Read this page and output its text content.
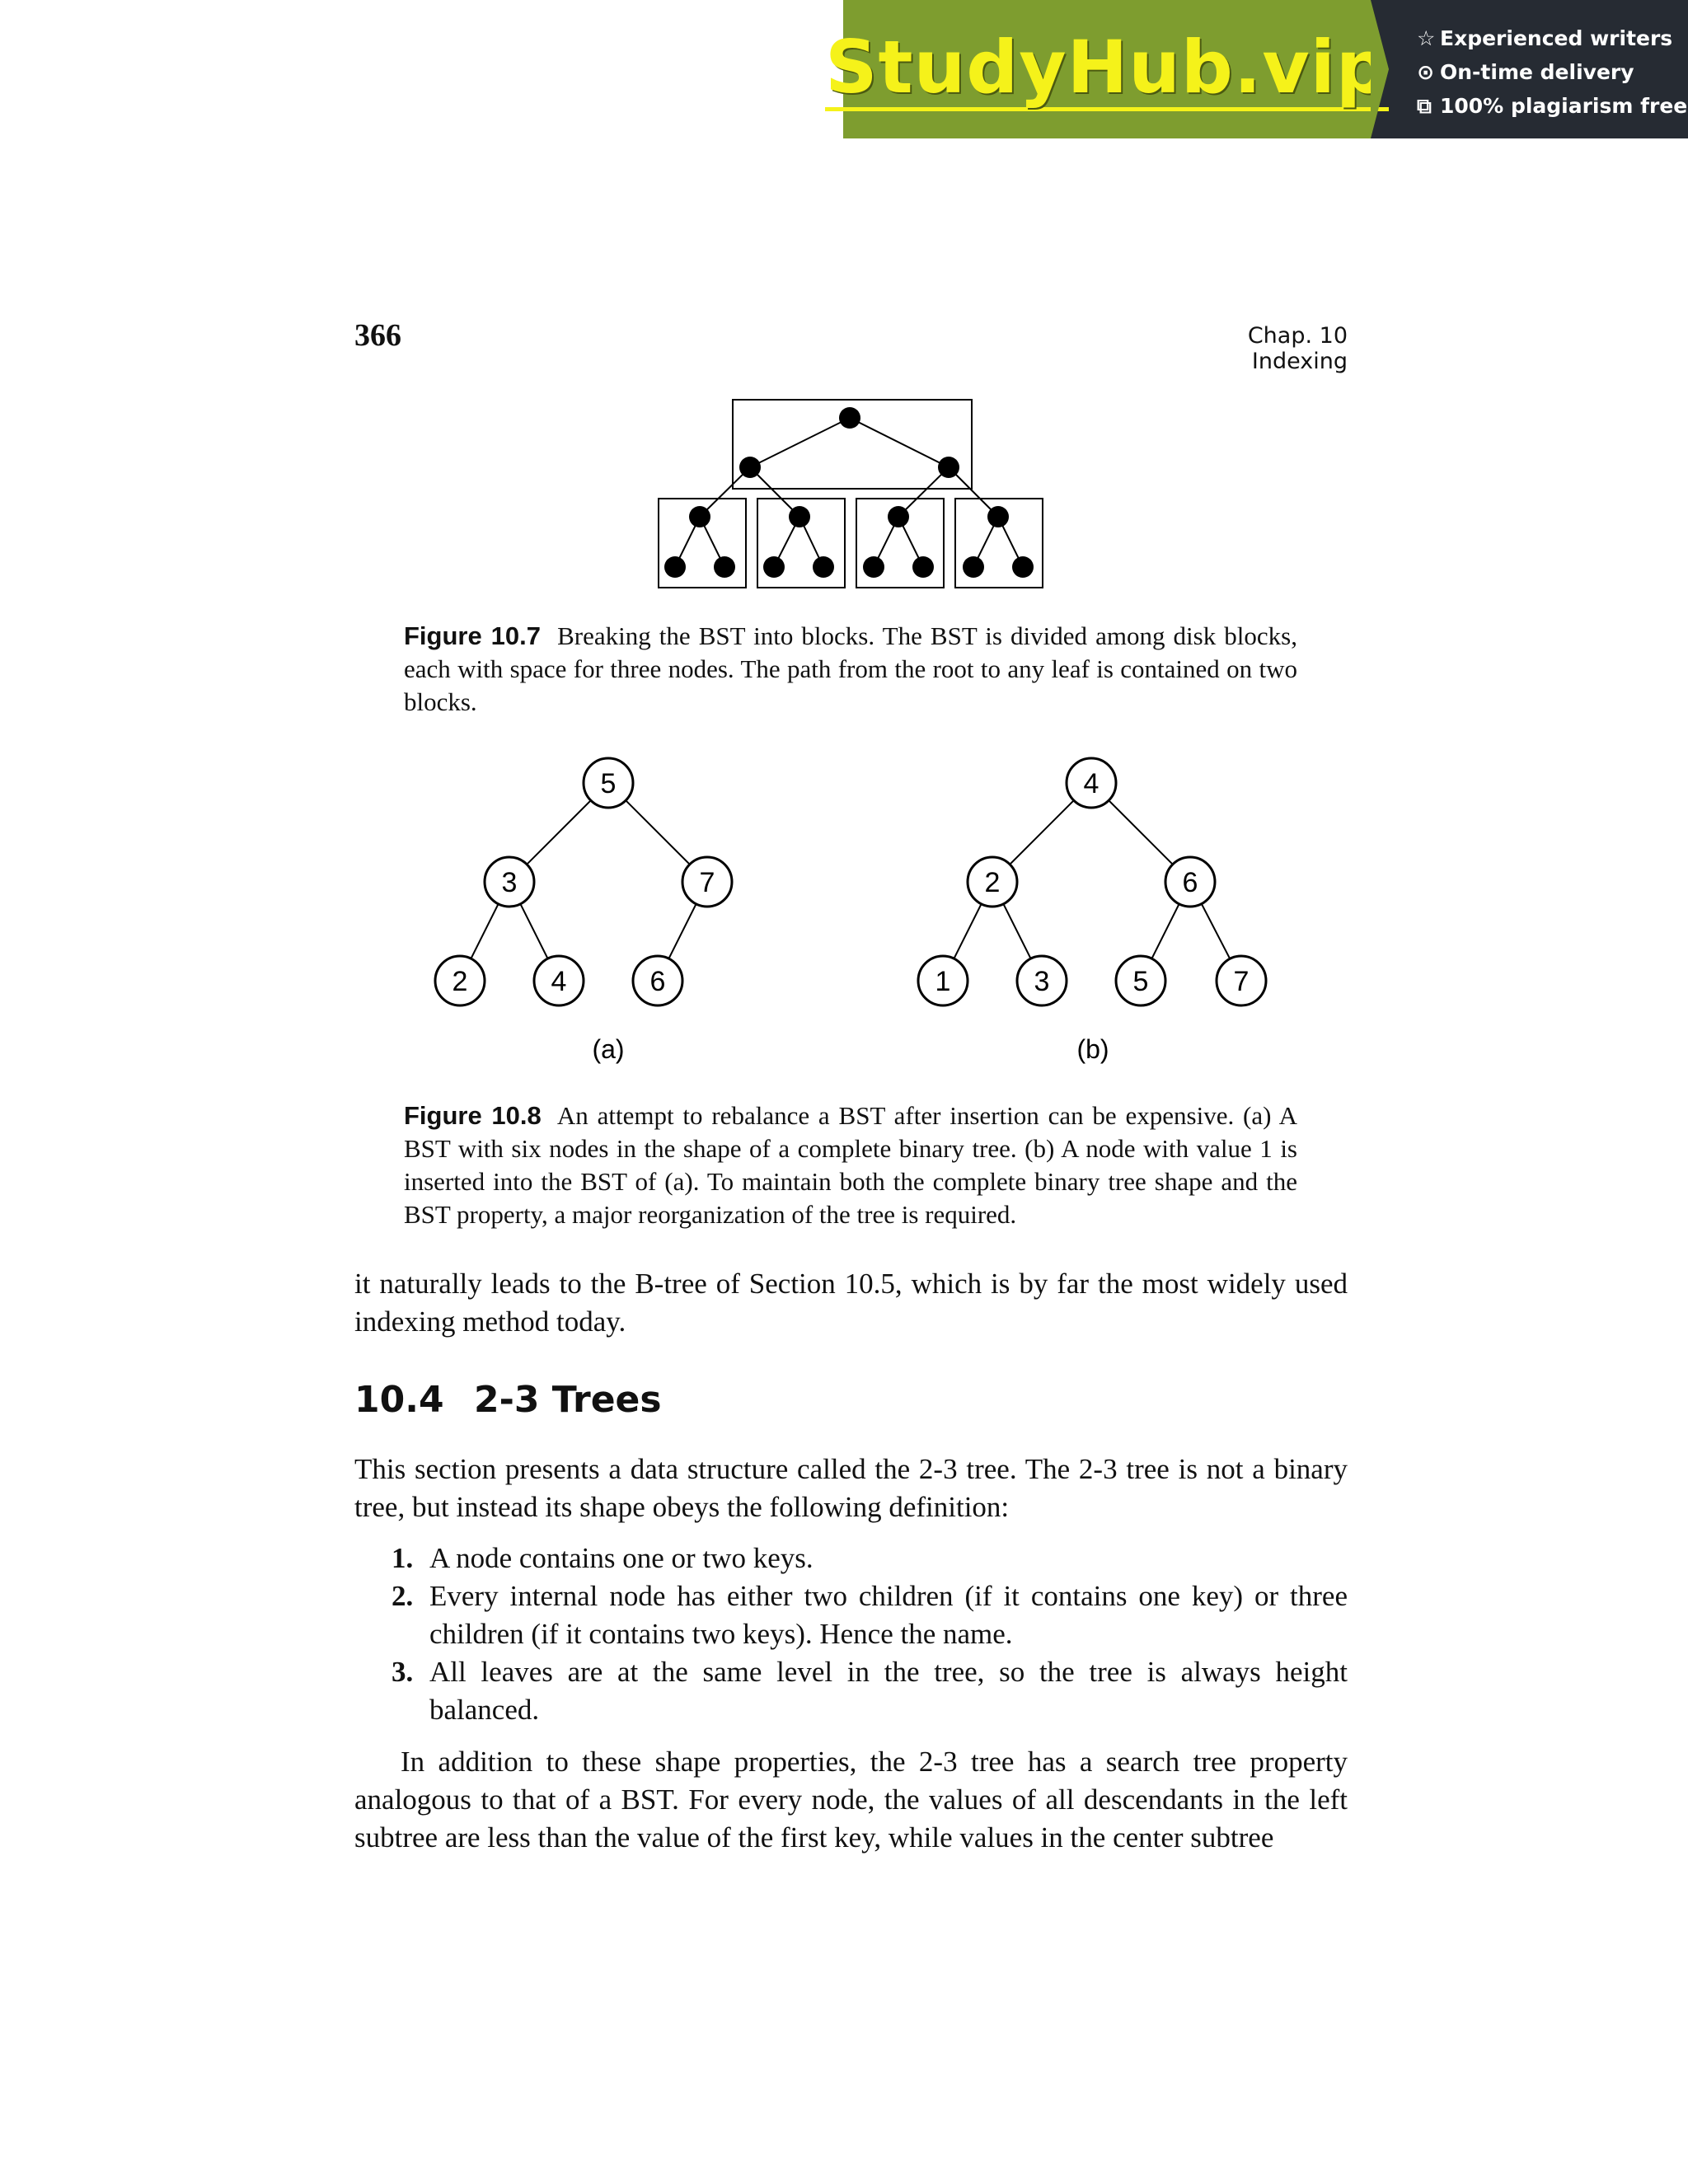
StudyHub.vip ☆ Experienced writers
⊙ On-time delivery
⧉ 100% plagiarism free
366	Chap. 10 Indexing
Figure 10.7 Breaking the BST into blocks. The BST is divided among disk blocks, each with space for three nodes. The path from the root to any leaf is contained on two blocks.
5
3	7
2	4	6
4
2	6
1	3	5	7
(a)	(b)
Figure 10.8 An attempt to rebalance a BST after insertion can be expensive. (a) A BST with six nodes in the shape of a complete binary tree. (b) A node with value 1 is inserted into the BST of (a). To maintain both the complete binary tree shape and the BST property, a major reorganization of the tree is required.
it naturally leads to the B-tree of Section 10.5, which is by far the most widely used indexing method today.
10.4 2-3 Trees
This section presents a data structure called the 2-3 tree. The 2-3 tree is not a binary tree, but instead its shape obeys the following definition:
1. A node contains one or two keys.
2. Every internal node has either two children (if it contains one key) or three children (if it contains two keys). Hence the name.
3. All leaves are at the same level in the tree, so the tree is always height balanced.
In addition to these shape properties, the 2-3 tree has a search tree property analogous to that of a BST. For every node, the values of all descendants in the left subtree are less than the value of the first key, while values in the center subtree
